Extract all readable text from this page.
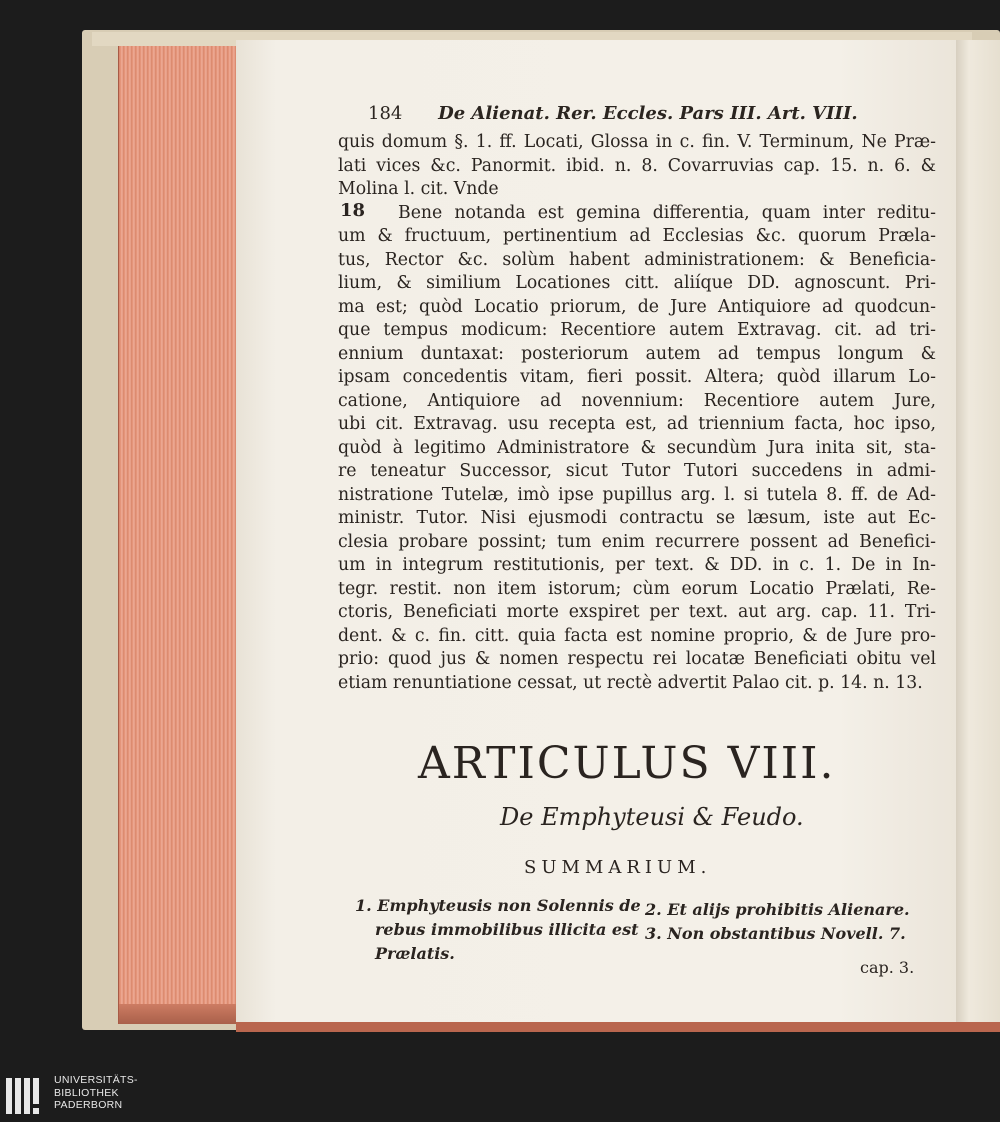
184 De Alienat. Rer. Eccles. Pars III. Art. VIII.
18
quis domum §. 1. ff. Locati, Glossa in c. fin. V. Terminum, Ne Præ-
lati vices &c. Panormit. ibid. n. 8. Covarruvias cap. 15. n. 6. &
Molina l. cit. Vnde
Bene notanda est gemina differentia, quam inter reditu-
um & fructuum, pertinentium ad Ecclesias &c. quorum Præla-
tus, Rector &c. solùm habent administrationem: & Beneficia-
lium, & similium Locationes citt. aliíque DD. agnoscunt. Pri-
ma est; quòd Locatio priorum, de Jure Antiquiore ad quodcun-
que tempus modicum: Recentiore autem Extravag. cit. ad tri-
ennium duntaxat: posteriorum autem ad tempus longum &
ipsam concedentis vitam, fieri possit. Altera; quòd illarum Lo-
catione, Antiquiore ad novennium: Recentiore autem Jure,
ubi cit. Extravag. usu recepta est, ad triennium facta, hoc ipso,
quòd à legitimo Administratore & secundùm Jura inita sit, sta-
re teneatur Successor, sicut Tutor Tutori succedens in admi-
nistratione Tutelæ, imò ipse pupillus arg. l. si tutela 8. ff. de Ad-
ministr. Tutor. Nisi ejusmodi contractu se læsum, iste aut Ec-
clesia probare possint; tum enim recurrere possent ad Benefici-
um in integrum restitutionis, per text. & DD. in c. 1. De in In-
tegr. restit. non item istorum; cùm eorum Locatio Prælati, Re-
ctoris, Beneficiati morte exspiret per text. aut arg. cap. 11. Tri-
dent. & c. fin. citt. quia facta est nomine proprio, & de Jure pro-
prio: quod jus & nomen respectu rei locatæ Beneficiati obitu vel
etiam renuntiatione cessat, ut rectè advertit Palao cit. p. 14. n. 13.
ARTICULUS VIII.
De Emphyteusi & Feudo.
SUMMARIUM.
1. Emphyteusis non Solennis de
rebus immobilibus illicita est
Prælatis.
2. Et alijs prohibitis Alienare.
3. Non obstantibus Novell. 7.
cap. 3.
UNIVERSITÄTS-
BIBLIOTHEK
PADERBORN
